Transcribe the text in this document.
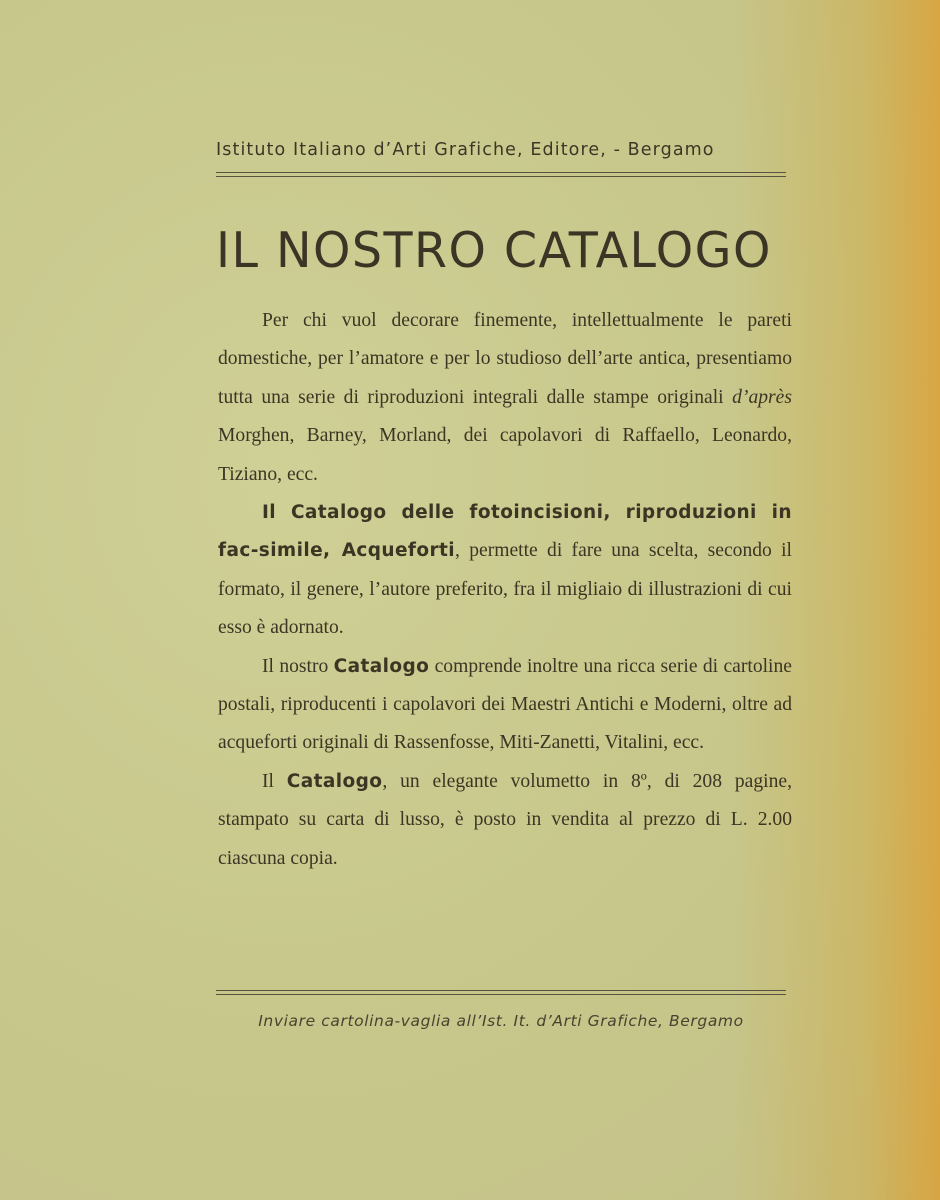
Istituto Italiano d’Arti Grafiche, Editore, - Bergamo
IL NOSTRO CATALOGO

Per chi vuol decorare finemente, intellettualmente le pareti domestiche, per l’amatore e per lo studioso dell’arte antica, presentiamo tutta una serie di riproduzioni integrali dalle stampe originali d’après Morghen, Barney, Morland, dei capolavori di Raffaello, Leonardo, Tiziano, ecc.

Il Catalogo delle fotoincisioni, riproduzioni in fac-simile, Acqueforti, permette di fare una scelta, secondo il formato, il genere, l’autore preferito, fra il migliaio di illustrazioni di cui esso è adornato.

Il nostro Catalogo comprende inoltre una ricca serie di cartoline postali, riproducenti i capolavori dei Maestri Antichi e Moderni, oltre ad acqueforti originali di Rassenfosse, Miti-Zanetti, Vitalini, ecc.

Il Catalogo, un elegante volumetto in 8º, di 208 pagine, stampato su carta di lusso, è posto in vendita al prezzo di L. 2.00 ciascuna copia.

Inviare cartolina-vaglia all’Ist. It. d’Arti Grafiche, Bergamo
